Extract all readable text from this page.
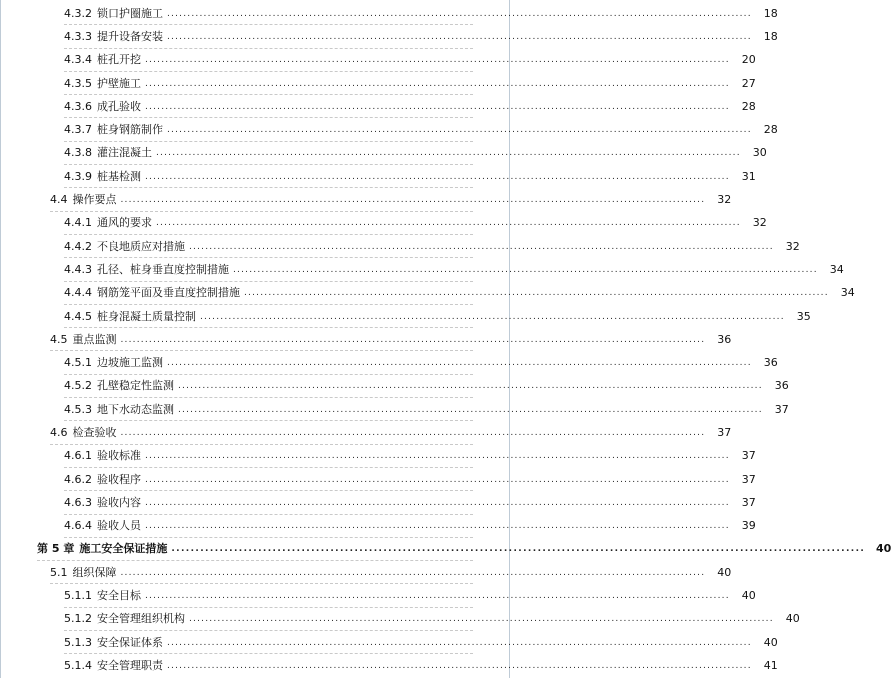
4.3.2 锁口护圈施工 ................................................................................................................................................	18
4.3.3 提升设备安装 ................................................................................................................................................	18
4.3.4 桩孔开挖 ................................................................................................................................................	20
4.3.5 护壁施工 ................................................................................................................................................	27
4.3.6 成孔验收 ................................................................................................................................................	28
4.3.7 桩身钢筋制作 ................................................................................................................................................	28
4.3.8 灌注混凝土 ................................................................................................................................................	30
4.3.9 桩基检测 ................................................................................................................................................	31
4.4 操作要点 ................................................................................................................................................	32
4.4.1 通风的要求 ................................................................................................................................................	32
4.4.2 不良地质应对措施 ................................................................................................................................................	32
4.4.3 孔径、桩身垂直度控制措施 ................................................................................................................................................	34
4.4.4 钢筋笼平面及垂直度控制措施 ................................................................................................................................................	34
4.4.5 桩身混凝土质量控制 ................................................................................................................................................	35
4.5 重点监测 ................................................................................................................................................	36
4.5.1 边坡施工监测 ................................................................................................................................................	36
4.5.2 孔壁稳定性监测 ................................................................................................................................................	36
4.5.3 地下水动态监测 ................................................................................................................................................	37
4.6 检查验收 ................................................................................................................................................	37
4.6.1 验收标准 ................................................................................................................................................	37
4.6.2 验收程序 ................................................................................................................................................	37
4.6.3 验收内容 ................................................................................................................................................	37
4.6.4 验收人员 ................................................................................................................................................	39
第 5 章 施工安全保证措施 ................................................................................................................................................ 40
5.1 组织保障 ................................................................................................................................................	40
5.1.1 安全目标 ................................................................................................................................................	40
5.1.2 安全管理组织机构 ................................................................................................................................................	40
5.1.3 安全保证体系 ................................................................................................................................................	40
5.1.4 安全管理职责 ................................................................................................................................................	41
